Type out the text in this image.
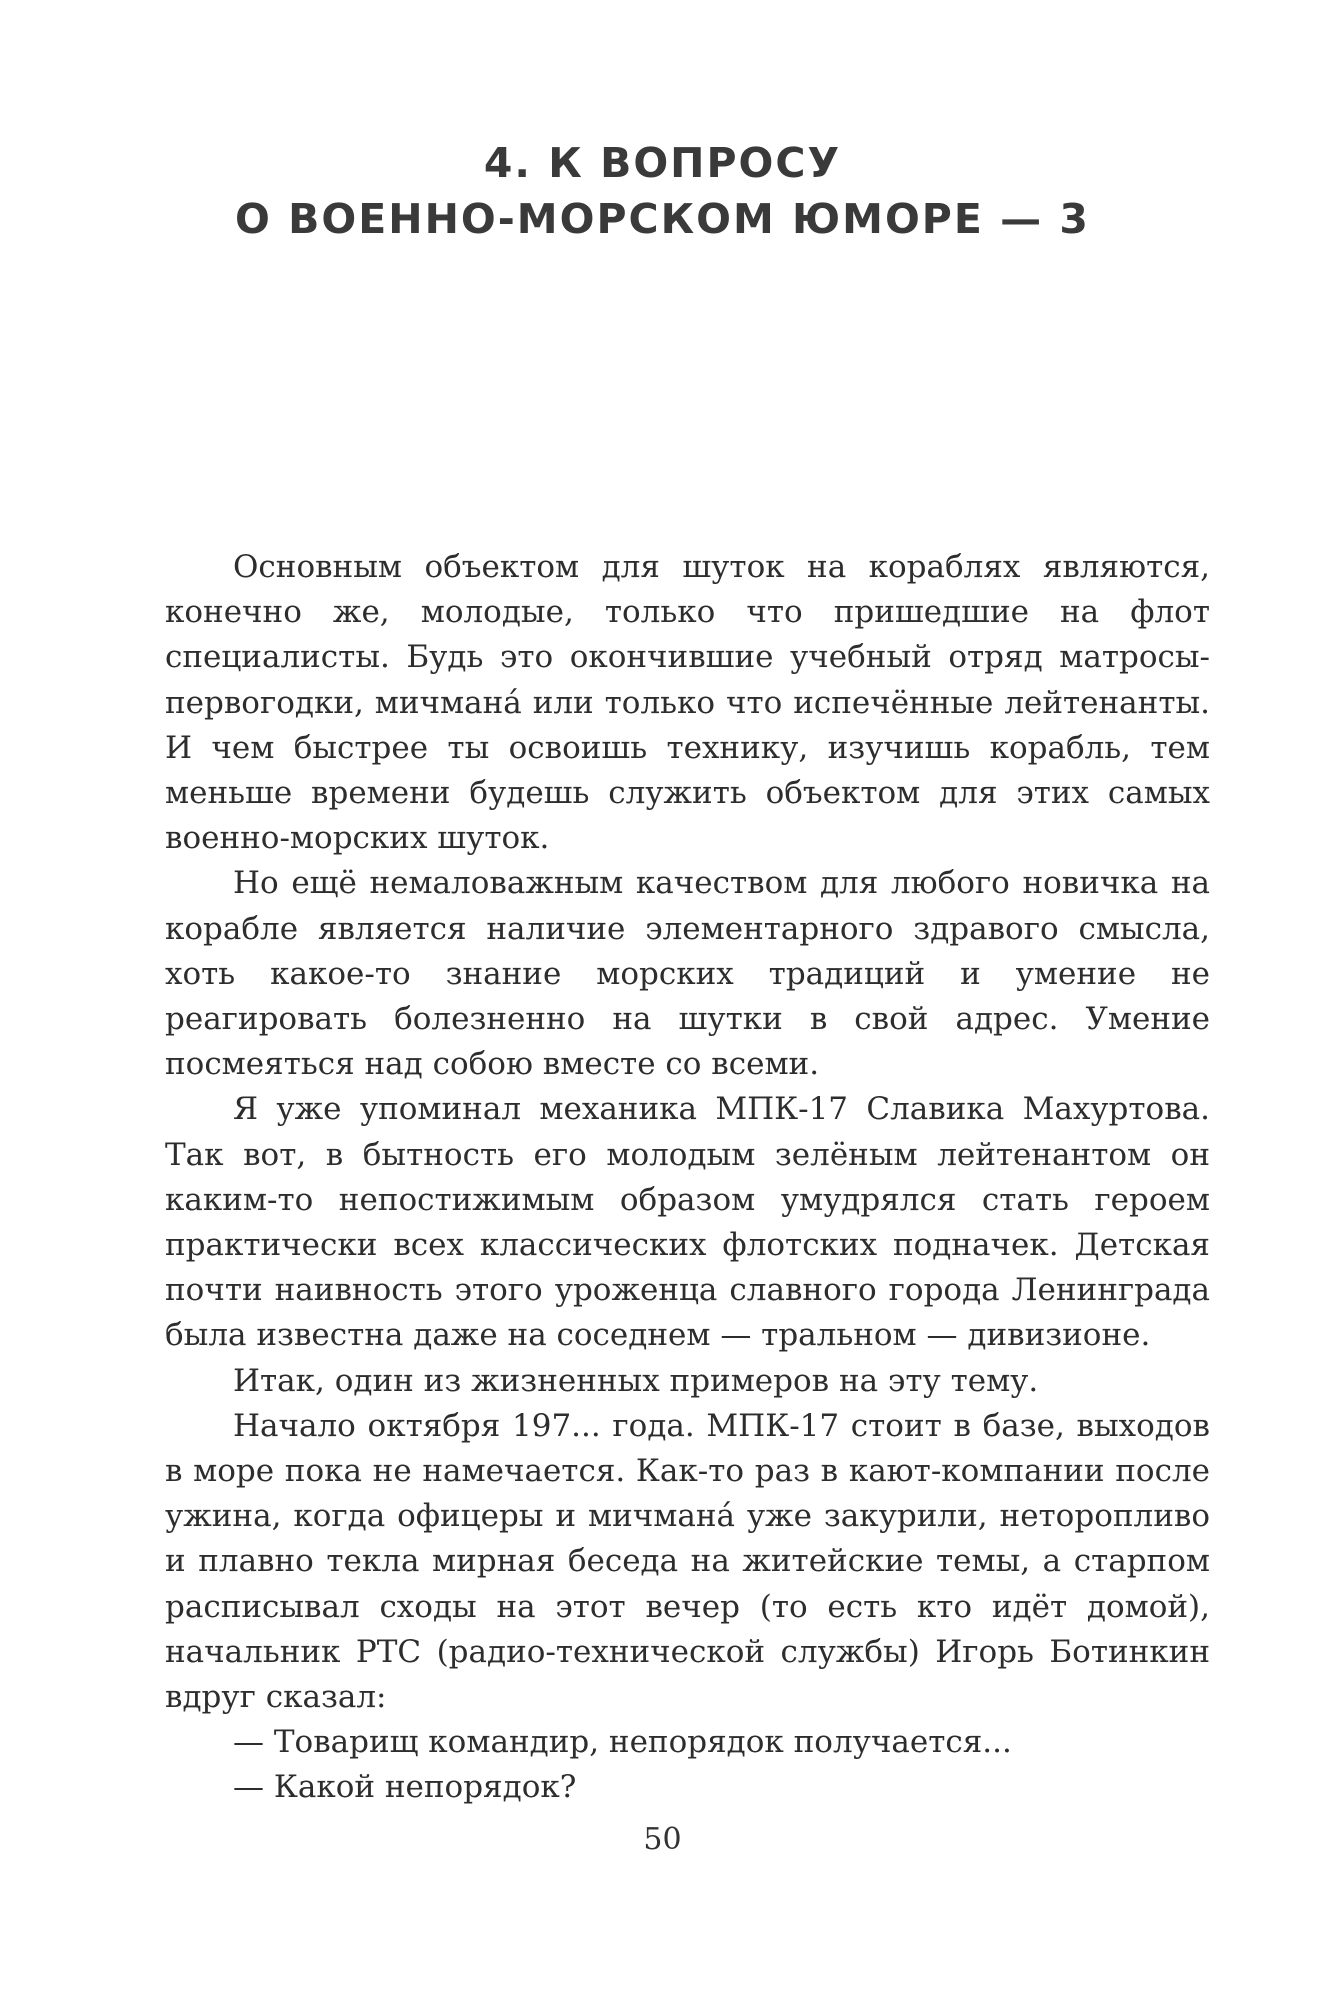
4. К ВОПРОСУ
О ВОЕННО-МОРСКОМ ЮМОРЕ — 3

Основным объектом для шуток на кораблях являются, конечно же, молодые, только что пришедшие на флот специалисты. Будь это окончившие учебный отряд матросы-первогодки, мичмана́ или только что испечённые лейтенанты. И чем быстрее ты освоишь технику, изучишь корабль, тем меньше времени будешь служить объектом для этих самых военно-морских шуток.

Но ещё немаловажным качеством для любого новичка на корабле является наличие элементарного здравого смысла, хоть какое-то знание морских традиций и умение не реагировать болезненно на шутки в свой адрес. Умение посмеяться над собою вместе со всеми.

Я уже упоминал механика МПК-17 Славика Махуртова. Так вот, в бытность его молодым зелёным лейтенантом он каким-то непостижимым образом умудрялся стать героем практически всех классических флотских подначек. Детская почти наивность этого уроженца славного города Ленинграда была известна даже на соседнем — тральном — дивизионе.

Итак, один из жизненных примеров на эту тему.

Начало октября 197... года. МПК-17 стоит в базе, выходов в море пока не намечается. Как-то раз в кают-компании после ужина, когда офицеры и мичмана́ уже закурили, неторопливо и плавно текла мирная беседа на житейские темы, а старпом расписывал сходы на этот вечер (то есть кто идёт домой), начальник РТС (радио-технической службы) Игорь Ботинкин вдруг сказал:

— Товарищ командир, непорядок получается...

— Какой непорядок?

50
